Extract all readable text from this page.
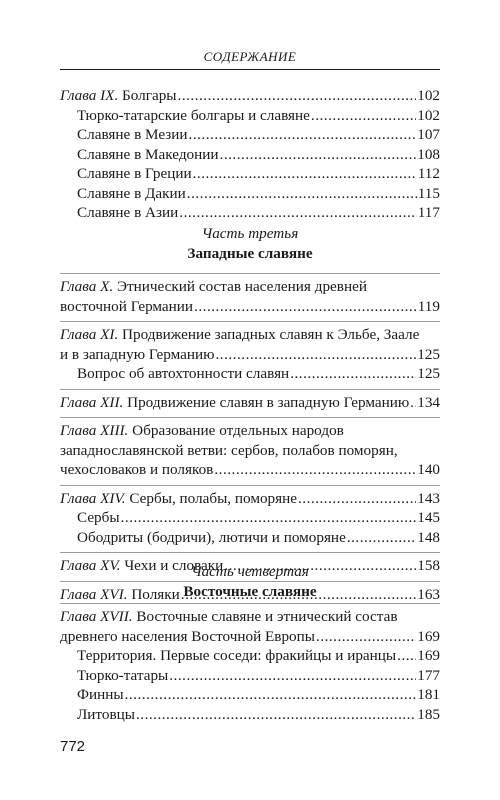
СОДЕРЖАНИЕ
Глава IX. Болгары .....	102
Тюрко-татарские болгары и славяне .....	102
Славяне в Мезии .....	107
Славяне в Македонии .....	108
Славяне в Греции .....	112
Славяне в Дакии .....	115
Славяне в Азии .....	117
Часть третья
Западные славяне
Глава X. Этнический состав населения древней
восточной Германии .....	119
Глава XI. Продвижение западных славян к Эльбе, Заале
и в западную Германию .....	125
Вопрос об автохтонности славян .....	125
Глава XII. Продвижение славян в западную Германию ..... 134
Глава XIII. Образование отдельных народов
западнославянской ветви: сербов, полабов поморян,
чехословаков и поляков .....	140
Глава XIV. Сербы, полабы, поморяне .....	143
Сербы .....	145
Ободриты (бодричи), лютичи и поморяне .....	148
Глава XV. Чехи и словаки .....	158
Глава XVI. Поляки .....	163
Часть четвертая
Восточные славяне
Глава XVII. Восточные славяне и этнический состав
древнего населения Восточной Европы .....	169
Территория. Первые соседи: фракийцы и иранцы ..... 169
Тюрко-татары .....	177
Финны .....	181
Литовцы .....	185
772
